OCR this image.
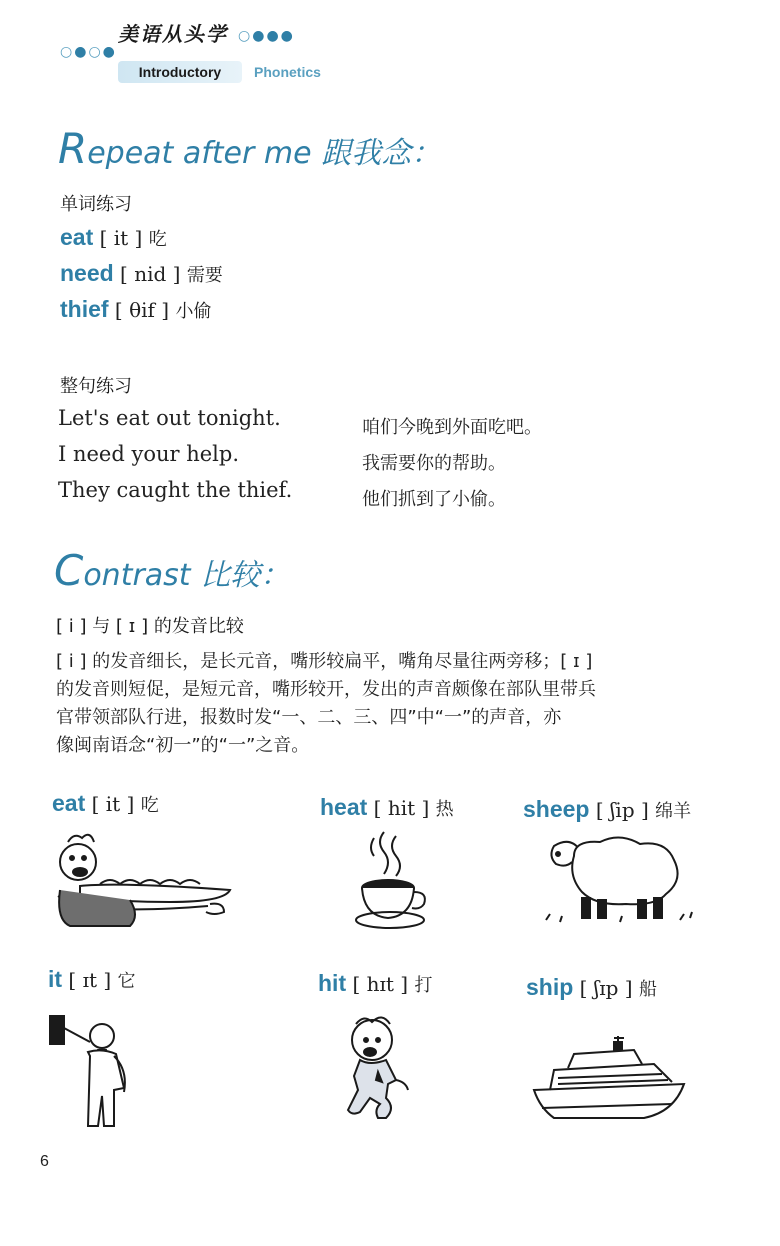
○●○●
美语从头学 ○●●●
Introductory Phonetics
Repeat after me 跟我念：
单词练习
eat [ it ] 吃
need [ nid ] 需要
thief [ θif ] 小偷
整句练习
Let's eat out tonight.	咱们今晚到外面吃吧。
I need your help.	我需要你的帮助。
They caught the thief.	他们抓到了小偷。
Contrast 比较：
[ i ] 与 [ ɪ ] 的发音比较

[ i ] 的发音细长，是长元音，嘴形较扁平，嘴角尽量往两旁移；[ ɪ ]

的发音则短促，是短元音，嘴形较开，发出的声音颇像在部队里带兵

官带领部队行进，报数时发“一、二、三、四”中“一”的声音，亦

像闽南语念“初一”的“一”之音。

eat [ it ] 吃	heat [ hit ] 热	sheep [ ʃip ] 绵羊
it [ ɪt ] 它	hit [ hɪt ] 打	ship [ ʃɪp ] 船
6
